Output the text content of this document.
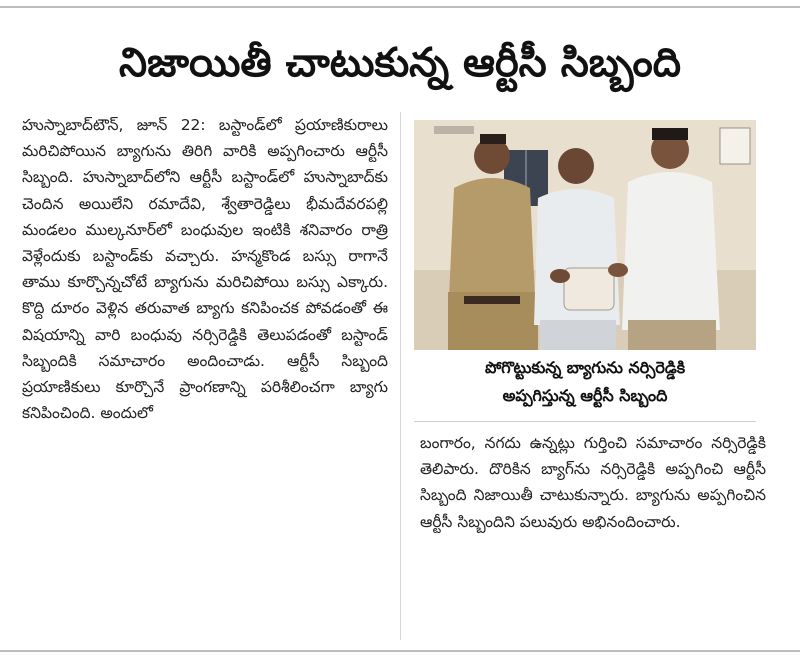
నిజాయితీ చాటుకున్న ఆర్టీసీ సిబ్బంది

హుస్నాబాద్‌టౌన్, జూన్ 22: బస్టాండ్‌లో ప్రయాణికురాలు మరిచిపోయిన బ్యాగును తిరిగి వారికి అప్పగించారు ఆర్టీసీ సిబ్బంది. హుస్నాబాద్‌లోని ఆర్టీసీ బస్టాండ్‌లో హుస్నాబాద్‌కు చెందిన అయిలేని రమాదేవి, శ్వేతారెడ్డిలు భీమదేవరపల్లి మండలం ముల్కనూర్‌లో బంధువుల ఇంటికి శనివారం రాత్రి వెళ్లేందుకు బస్టాండ్‌కు వచ్చారు. హన్మకొండ బస్సు రాగానే తాము కూర్చొన్నచోటే బ్యాగును మరిచిపోయి బస్సు ఎక్కారు. కొద్ది దూరం వెళ్లిన తరువాత బ్యాగు కనిపించక పోవడంతో ఈ విషయాన్ని వారి బంధువు నర్సిరెడ్డికి తెలుపడంతో బస్టాండ్ సిబ్బందికి సమాచారం అందించాడు. ఆర్టీసీ సిబ్బంది ప్రయాణికులు కూర్చొనే ప్రాంగణాన్ని పరిశీలించగా బ్యాగు కనిపించింది. అందులో

పోగొట్టుకున్న బ్యాగును నర్సిరెడ్డికి
అప్పగిస్తున్న ఆర్టీసీ సిబ్బంది

బంగారం, నగదు ఉన్నట్లు గుర్తించి సమాచారం నర్సిరెడ్డికి తెలిపారు. దొరికిన బ్యాగ్‌ను నర్సిరెడ్డికి అప్పగించి ఆర్టీసీ సిబ్బంది నిజాయితీ చాటుకున్నారు. బ్యాగును అప్పగించిన ఆర్టీసీ సిబ్బందిని పలువురు అభినందించారు.
